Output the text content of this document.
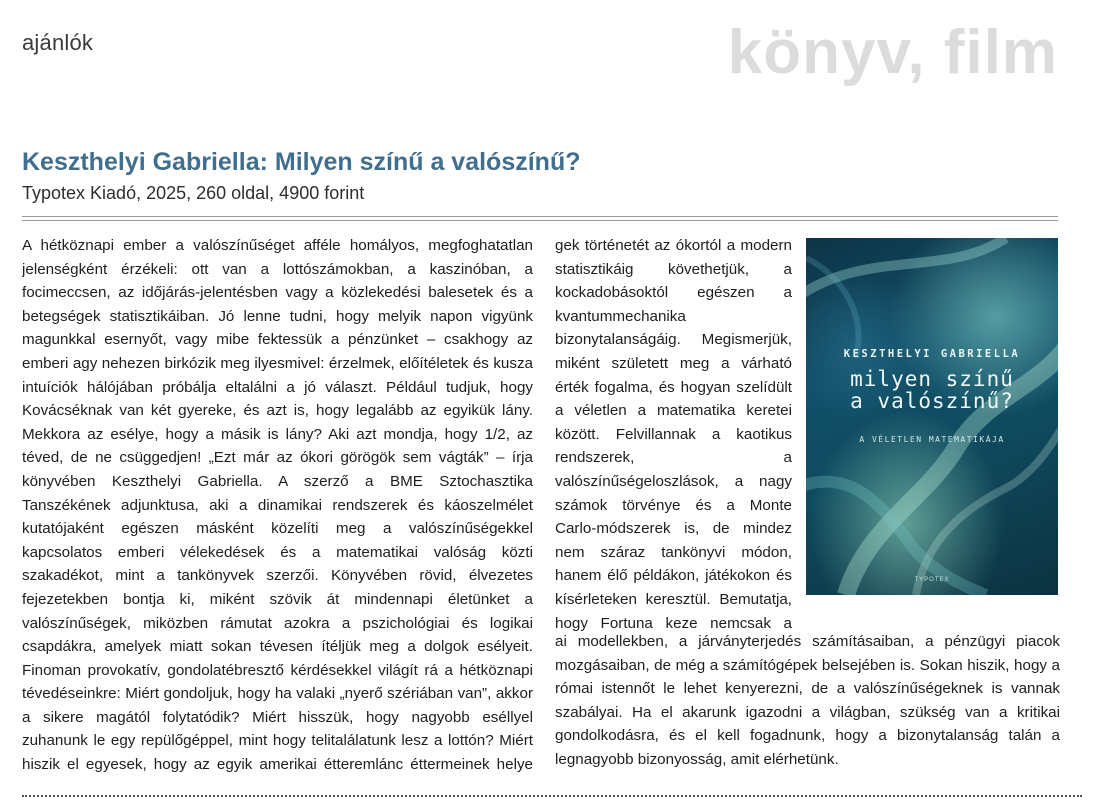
ajánlók	könyv, film
Keszthelyi Gabriella: Milyen színű a valószínű?
Typotex Kiadó, 2025, 260 oldal, 4900 forint

A hétköznapi ember a valószínűséget afféle homályos, megfoghatatlan jelenségként érzékeli: ott van a lottószámokban, a kaszinóban, a focimeccsen, az időjárás-jelentésben vagy a közlekedési balesetek és a betegségek statisztikáiban. Jó lenne tudni, hogy melyik napon vigyünk magunkkal esernyőt, vagy mibe fektessük a pénzünket – csakhogy az emberi agy nehezen birkózik meg ilyesmivel: érzelmek, előítéletek és kusza intuíciók hálójában próbálja eltalálni a jó választ. Például tudjuk, hogy Kovácséknak van két gyereke, és azt is, hogy legalább az egyikük lány. Mekkora az esélye, hogy a másik is lány? Aki azt mondja, hogy 1/2, az téved, de ne csüggedjen! „Ezt már az ókori görögök sem vágták” – írja könyvében Keszthelyi Gabriella. A szerző a BME Sztochasztika Tanszékének adjunktusa, aki a dinamikai rendszerek és káoszelmélet kutatójaként egészen másként közelíti meg a valószínűségekkel kapcsolatos emberi vélekedések és a matematikai valóság közti szakadékot, mint a tankönyvek szerzői. Könyvében rövid, élvezetes fejezetekben bontja ki, miként szövik át mindennapi életünket a valószínűségek, miközben rámutat azokra a pszichológiai és logikai csapdákra, amelyek miatt sokan tévesen ítéljük meg a dolgok esélyeit. Finoman provokatív, gondolatébresztő kérdésekkel világít rá a hétköznapi tévedéseinkre: Miért gondoljuk, hogy ha valaki „nyerő szériában van”, akkor a sikere magától folytatódik? Miért hisszük, hogy nagyobb eséllyel zuhanunk le egy repülőgéppel, mint hogy telitalálatunk lesz a lottón? Miért hiszik el egyesek, hogy az egyik amerikai étteremlánc éttermeinek helye

gek történetét az ókortól a modern statisztikáig követhetjük, a kockadobásoktól egészen a kvantummechanika bizonytalanságáig. Megismerjük, miként született meg a várható érték fogalma, és hogyan szelídült a véletlen a matematika keretei között. Felvillannak a kaotikus rendszerek, a valószínűségeloszlások, a nagy számok törvénye és a Monte Carlo-módszerek is, de mindez nem száraz tankönyvi módon, hanem élő példákon, játékokon és kísérleteken keresztül. Bemutatja, hogy Fortuna keze nemcsak a

ai modellekben, a járványterjedés számításaiban, a pénzügyi piacok mozgásaiban, de még a számítógépek belsejében is. Sokan hiszik, hogy a római istennőt le lehet kenyerezni, de a valószínűségeknek is vannak szabályai. Ha el akarunk igazodni a világban, szükség van a kritikai gondolkodásra, és el kell fogadnunk, hogy a bizonytalanság talán a legnagyobb bizonyosság, amit elérhetünk.

KESZTHELYI GABRIELLA
milyen színű
a valószínű?
A VÉLETLEN MATEMATIKÁJA
TYPOTEX
